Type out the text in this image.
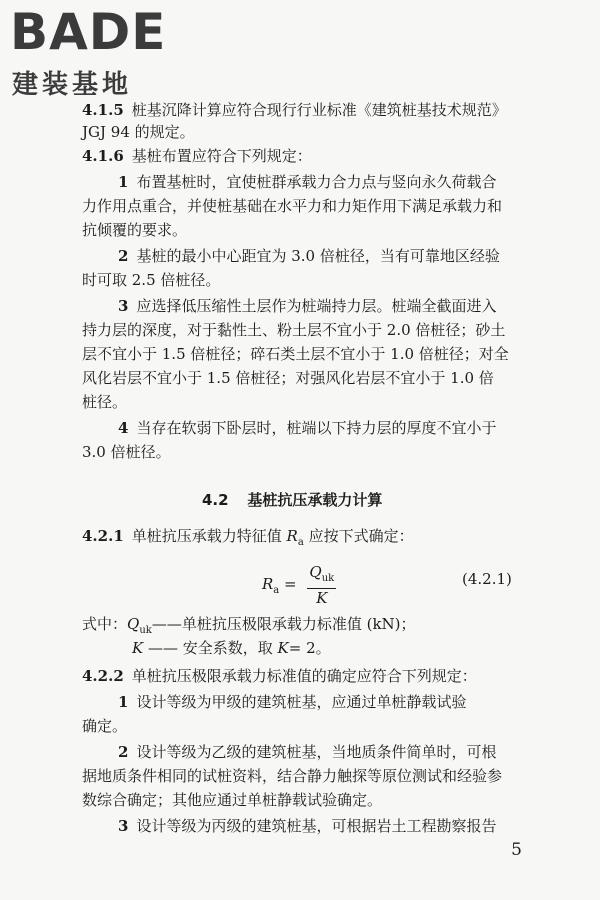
BADE
建装基地
4.1.5 桩基沉降计算应符合现行行业标准《建筑桩基技术规范》
JGJ 94 的规定。
4.1.6 基桩布置应符合下列规定：
1 布置基桩时，宜使桩群承载力合力点与竖向永久荷载合
力作用点重合，并使桩基础在水平力和力矩作用下满足承载力和
抗倾覆的要求。
2 基桩的最小中心距宜为 3.0 倍桩径，当有可靠地区经验
时可取 2.5 倍桩径。
3 应选择低压缩性土层作为桩端持力层。桩端全截面进入
持力层的深度，对于黏性土、粉土层不宜小于 2.0 倍桩径；砂土
层不宜小于 1.5 倍桩径；碎石类土层不宜小于 1.0 倍桩径；对全
风化岩层不宜小于 1.5 倍桩径；对强风化岩层不宜小于 1.0 倍
桩径。
4 当存在软弱下卧层时，桩端以下持力层的厚度不宜小于
3.0 倍桩径。
4.2 基桩抗压承载力计算
4.2.1 单桩抗压承载力特征值 $R_a$ 应按下式确定：
$R_a = \frac{Q_{uk}}{K}$	(4.2.1)
式中：$Q_{uk}——$单桩抗压极限承载力标准值 (kN)；
K —— 安全系数，取 K= 2。
4.2.2 单桩抗压极限承载力标准值的确定应符合下列规定：
1 设计等级为甲级的建筑桩基，应通过单桩静载试验
确定。
2 设计等级为乙级的建筑桩基，当地质条件简单时，可根
据地质条件相同的试桩资料，结合静力触探等原位测试和经验参
数综合确定；其他应通过单桩静载试验确定。
3 设计等级为丙级的建筑桩基，可根据岩土工程勘察报告
5
